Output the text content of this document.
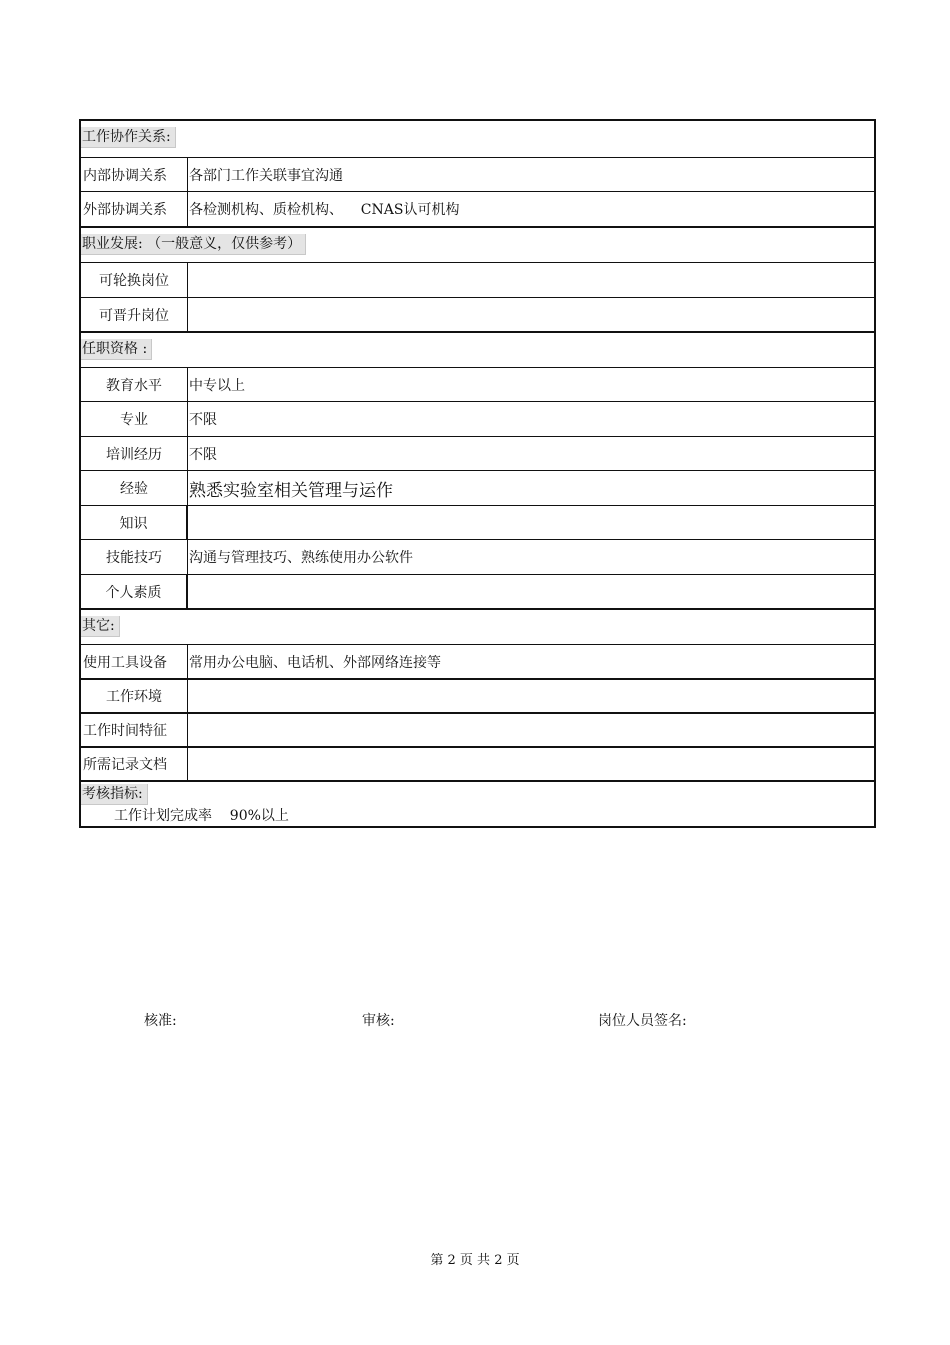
工作协作关系:
内部协调关系	各部门工作关联事宜沟通
外部协调关系	各检测机构、质检机构、    CNAS认可机构
职业发展: （一般意义，仅供参考）
可轮换岗位
可晋升岗位
任职资格 :
教育水平	中专以上
专业	不限
培训经历	不限
经验	熟悉实验室相关管理与运作
知识
技能技巧	沟通与管理技巧、熟练使用办公软件
个人素质
其它:
使用工具设备	常用办公电脑、电话机、外部网络连接等
工作环境
工作时间特征
所需记录文档
考核指标:
工作计划完成率    90%以上
核准:	审核:	岗位人员签名:
第 2 页 共 2 页
